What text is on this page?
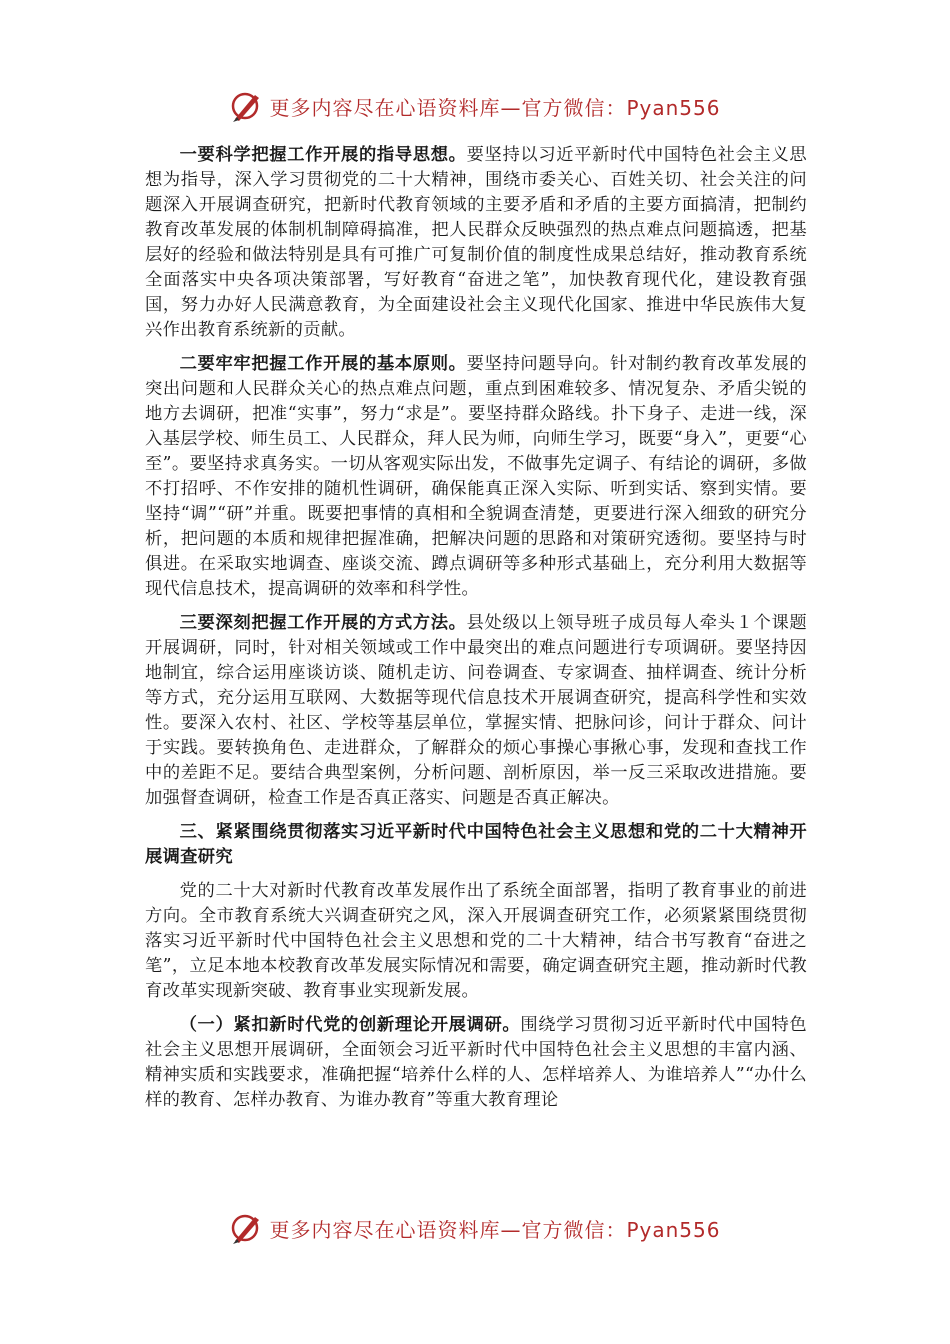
更多内容尽在心语资料库—官方微信：Pyan556

一要科学把握工作开展的指导思想。要坚持以习近平新时代中国特色社会主义思想为指导，深入学习贯彻党的二十大精神，围绕市委关心、百姓关切、社会关注的问题深入开展调查研究，把新时代教育领域的主要矛盾和矛盾的主要方面搞清，把制约教育改革发展的体制机制障碍搞准，把人民群众反映强烈的热点难点问题搞透，把基层好的经验和做法特别是具有可推广可复制价值的制度性成果总结好，推动教育系统全面落实中央各项决策部署，写好教育“奋进之笔”，加快教育现代化，建设教育强国，努力办好人民满意教育，为全面建设社会主义现代化国家、推进中华民族伟大复兴作出教育系统新的贡献。

二要牢牢把握工作开展的基本原则。要坚持问题导向。针对制约教育改革发展的突出问题和人民群众关心的热点难点问题，重点到困难较多、情况复杂、矛盾尖锐的地方去调研，把准“实事”，努力“求是”。要坚持群众路线。扑下身子、走进一线，深入基层学校、师生员工、人民群众，拜人民为师，向师生学习，既要“身入”，更要“心至”。要坚持求真务实。一切从客观实际出发，不做事先定调子、有结论的调研，多做不打招呼、不作安排的随机性调研，确保能真正深入实际、听到实话、察到实情。要坚持“调”“研”并重。既要把事情的真相和全貌调查清楚，更要进行深入细致的研究分析，把问题的本质和规律把握准确，把解决问题的思路和对策研究透彻。要坚持与时俱进。在采取实地调查、座谈交流、蹲点调研等多种形式基础上，充分利用大数据等现代信息技术，提高调研的效率和科学性。

三要深刻把握工作开展的方式方法。县处级以上领导班子成员每人牵头１个课题开展调研，同时，针对相关领域或工作中最突出的难点问题进行专项调研。要坚持因地制宜，综合运用座谈访谈、随机走访、问卷调查、专家调查、抽样调查、统计分析等方式，充分运用互联网、大数据等现代信息技术开展调查研究，提高科学性和实效性。要深入农村、社区、学校等基层单位，掌握实情、把脉问诊，问计于群众、问计于实践。要转换角色、走进群众，了解群众的烦心事操心事揪心事，发现和查找工作中的差距不足。要结合典型案例，分析问题、剖析原因，举一反三采取改进措施。要加强督查调研，检查工作是否真正落实、问题是否真正解决。

三、紧紧围绕贯彻落实习近平新时代中国特色社会主义思想和党的二十大精神开展调查研究

党的二十大对新时代教育改革发展作出了系统全面部署，指明了教育事业的前进方向。全市教育系统大兴调查研究之风，深入开展调查研究工作，必须紧紧围绕贯彻落实习近平新时代中国特色社会主义思想和党的二十大精神，结合书写教育“奋进之笔”，立足本地本校教育改革发展实际情况和需要，确定调查研究主题，推动新时代教育改革实现新突破、教育事业实现新发展。

（一）紧扣新时代党的创新理论开展调研。围绕学习贯彻习近平新时代中国特色社会主义思想开展调研，全面领会习近平新时代中国特色社会主义思想的丰富内涵、精神实质和实践要求，准确把握“培养什么样的人、怎样培养人、为谁培养人”“办什么样的教育、怎样办教育、为谁办教育”等重大教育理论

更多内容尽在心语资料库—官方微信：Pyan556
